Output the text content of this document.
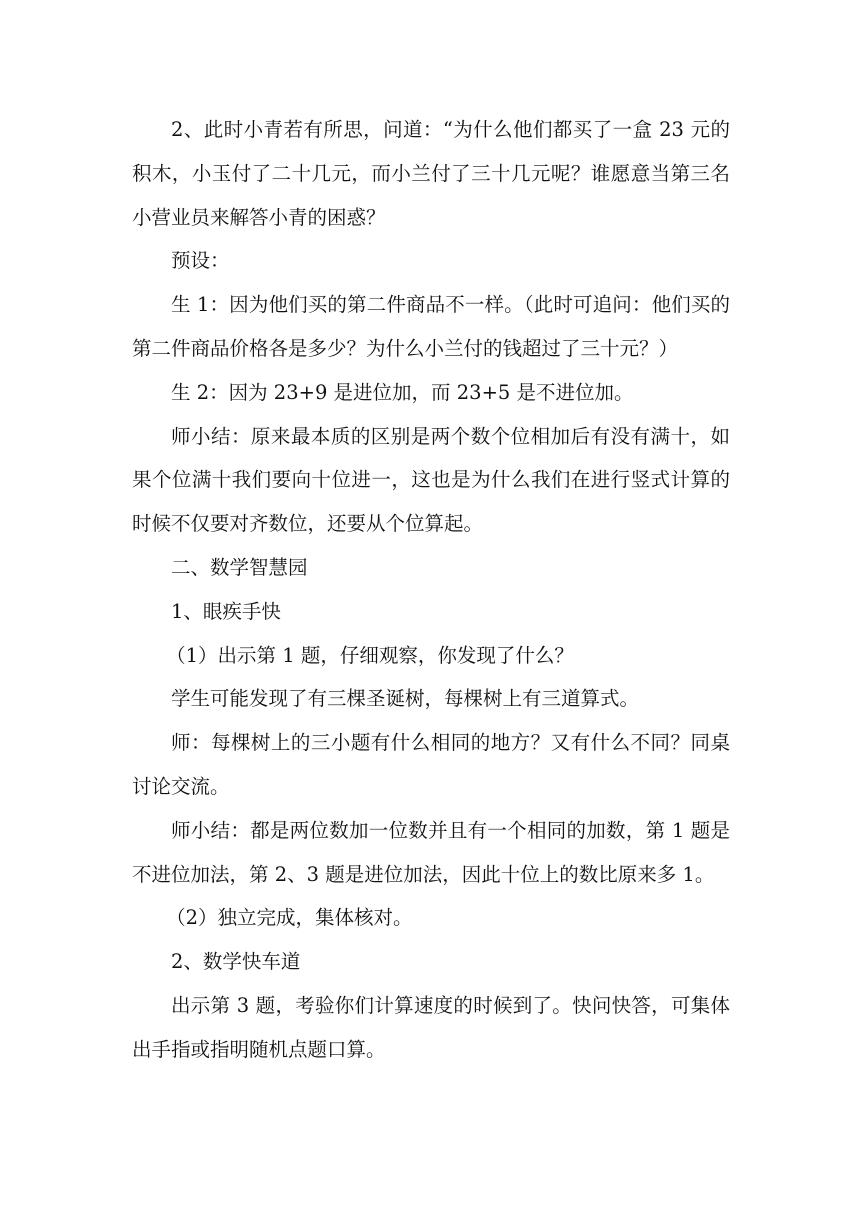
2、此时小青若有所思，问道：“为什么他们都买了一盒 23 元的积木，小玉付了二十几元，而小兰付了三十几元呢？谁愿意当第三名小营业员来解答小青的困惑？

预设：

生 1：因为他们买的第二件商品不一样。（此时可追问：他们买的第二件商品价格各是多少？为什么小兰付的钱超过了三十元？）

生 2：因为 23+9 是进位加，而 23+5 是不进位加。

师小结：原来最本质的区别是两个数个位相加后有没有满十，如果个位满十我们要向十位进一，这也是为什么我们在进行竖式计算的时候不仅要对齐数位，还要从个位算起。

二、数学智慧园

1、眼疾手快

（1）出示第 1 题，仔细观察，你发现了什么？

学生可能发现了有三棵圣诞树，每棵树上有三道算式。

师：每棵树上的三小题有什么相同的地方？又有什么不同？同桌讨论交流。

师小结：都是两位数加一位数并且有一个相同的加数，第 1 题是不进位加法，第 2、3 题是进位加法，因此十位上的数比原来多 1。

（2）独立完成，集体核对。

2、数学快车道

出示第 3 题，考验你们计算速度的时候到了。快问快答，可集体出手指或指明随机点题口算。
